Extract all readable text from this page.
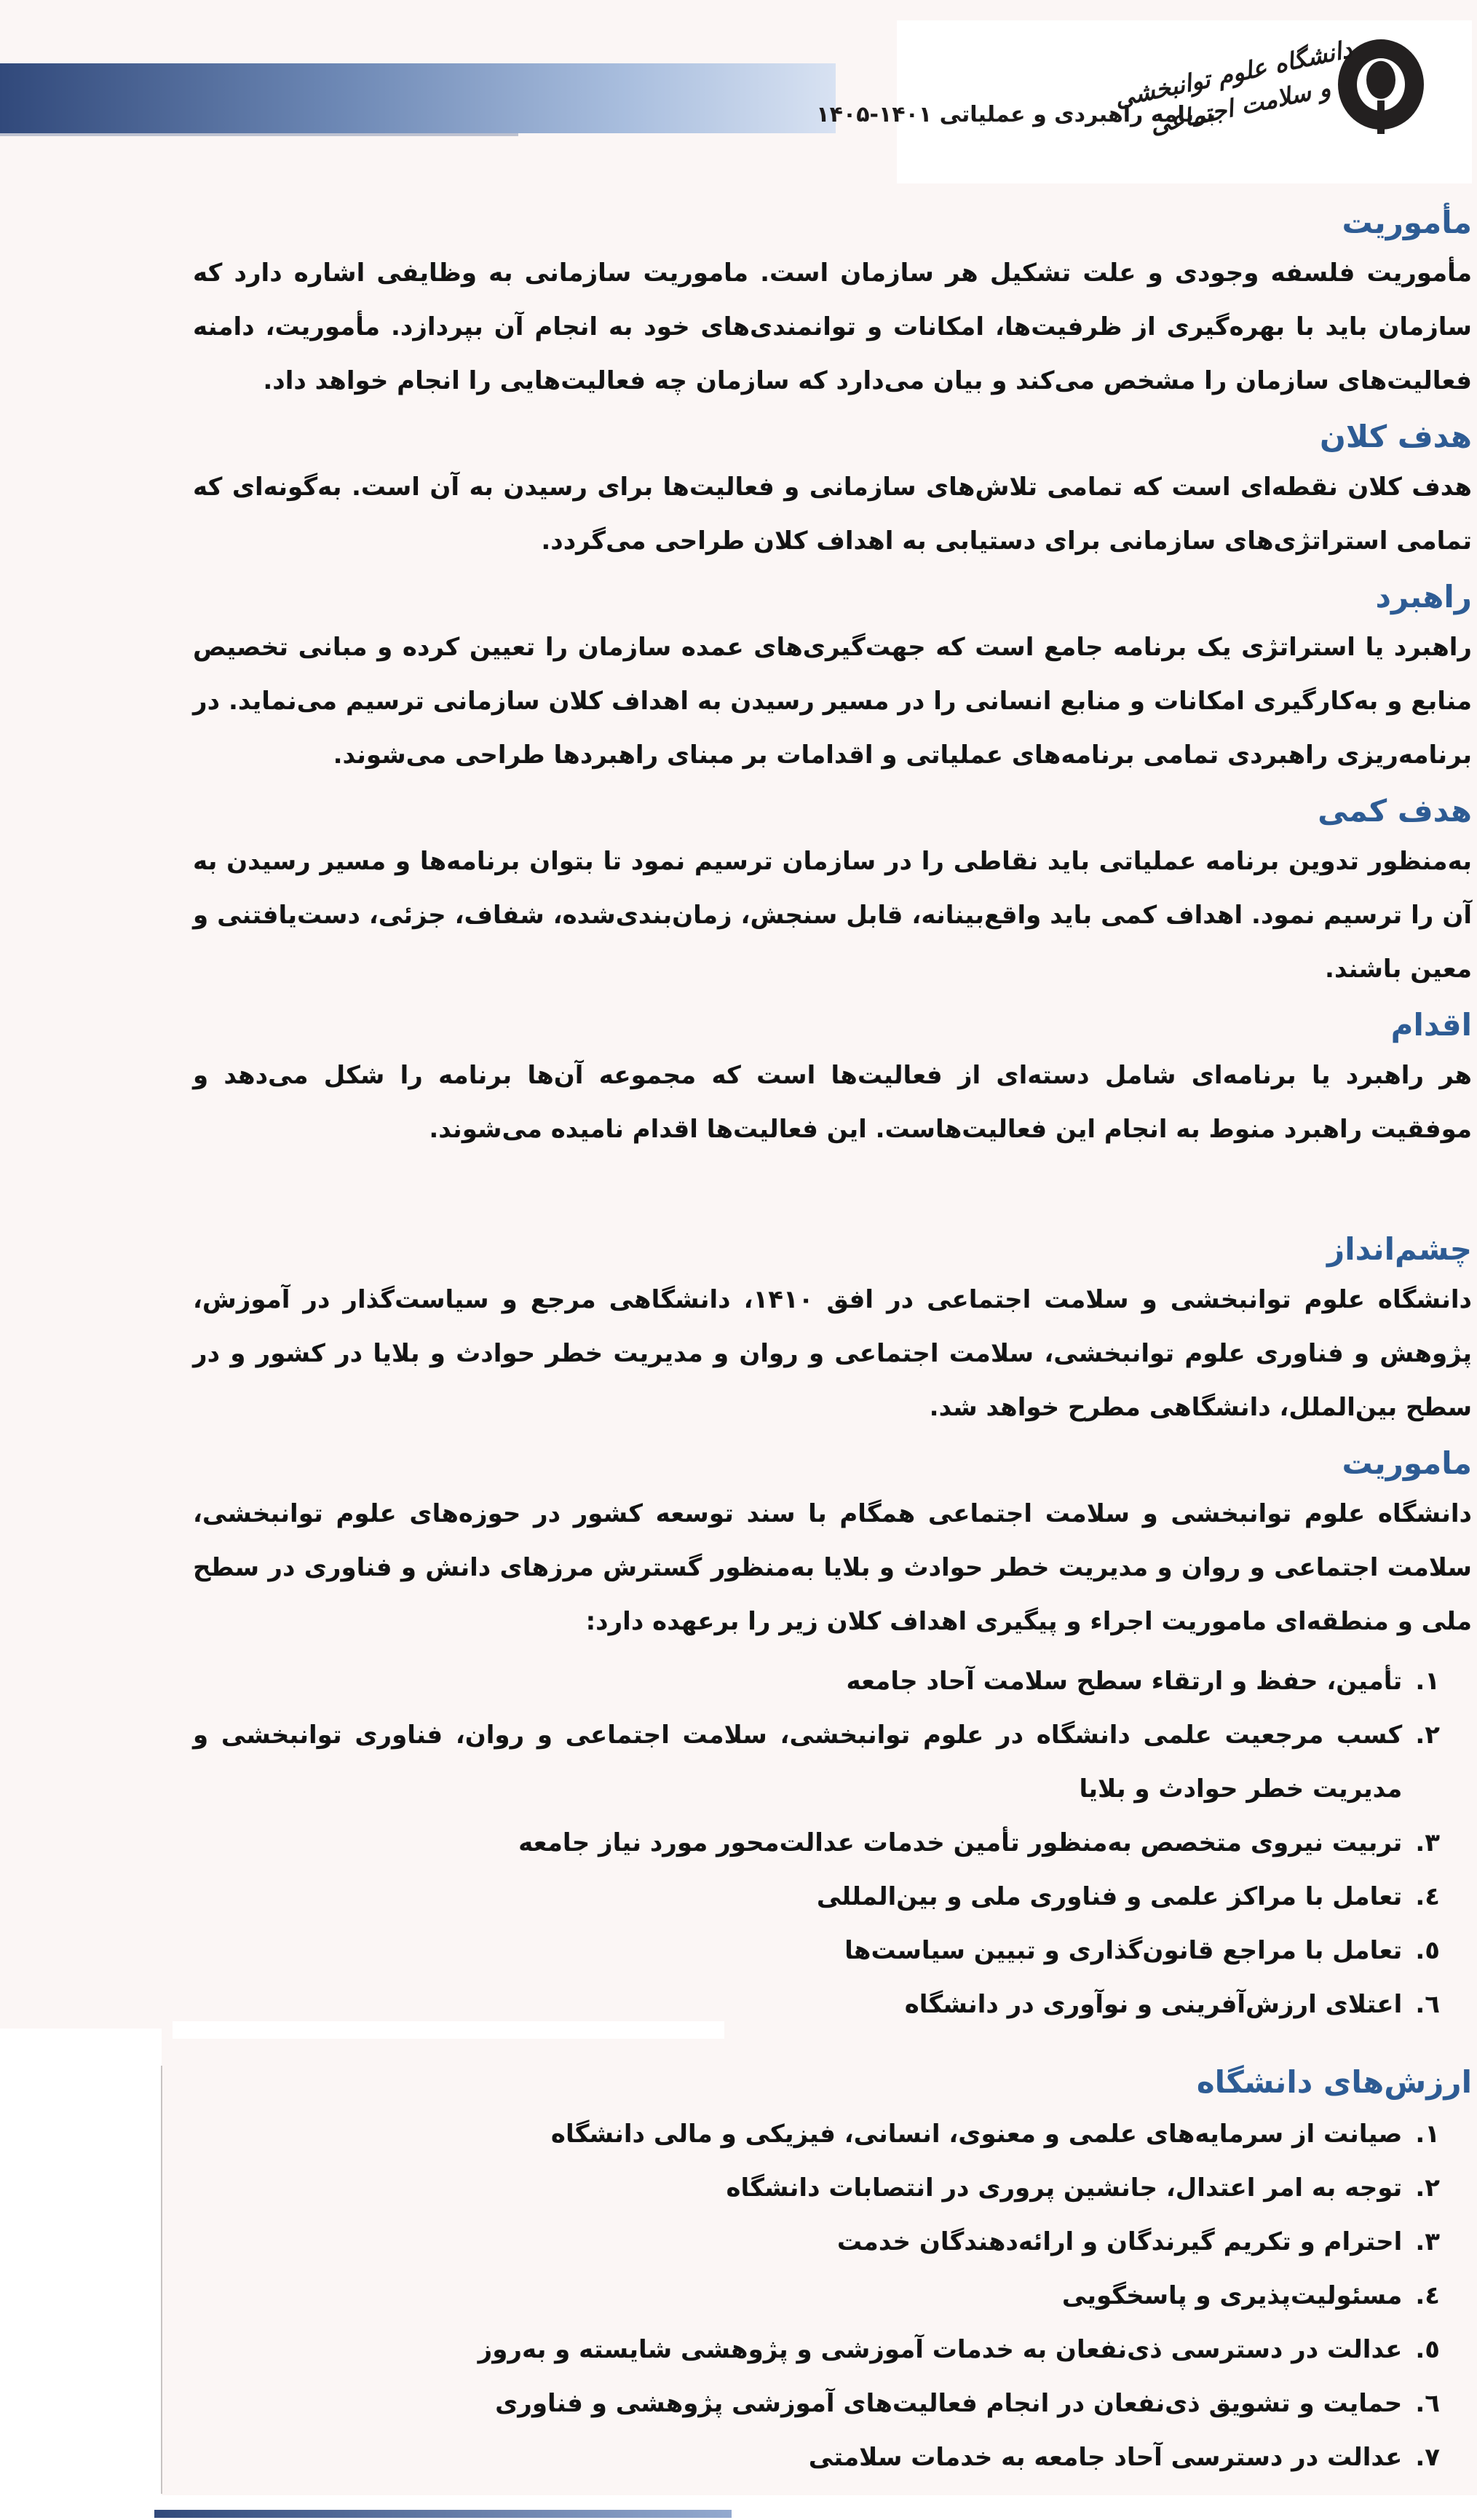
دانشگاه علوم توانبخشی و سلامت اجتماعی
برنامه راهبردی و عملیاتی ۱۴۰۱-۱۴۰۵
مأموریت

مأموریت فلسفه وجودی و علت تشکیل هر سازمان است. ماموریت سازمانی به وظایفی اشاره دارد که سازمان باید با بهره‌گیری از ظرفیت‌ها، امکانات و توانمندی‌های خود به انجام آن بپردازد. مأموریت، دامنه فعالیت‌های سازمان را مشخص می‌کند و بیان می‌دارد که سازمان چه فعالیت‌هایی را انجام خواهد داد.

هدف کلان

هدف کلان نقطه‌ای است که تمامی تلاش‌های سازمانی و فعالیت‌ها برای رسیدن به آن است. به‌گونه‌ای که تمامی استراتژی‌های سازمانی برای دستیابی به اهداف کلان طراحی می‌گردد.

راهبرد

راهبرد یا استراتژی یک برنامه جامع است که جهت‌گیری‌های عمده سازمان را تعیین کرده و مبانی تخصیص منابع و به‌کارگیری امکانات و منابع انسانی را در مسیر رسیدن به اهداف کلان سازمانی ترسیم می‌نماید. در برنامه‌ریزی راهبردی تمامی برنامه‌های عملیاتی و اقدامات بر مبنای راهبردها طراحی می‌شوند.

هدف کمی

به‌منظور تدوین برنامه عملیاتی باید نقاطی را در سازمان ترسیم نمود تا بتوان برنامه‌ها و مسیر رسیدن به آن را ترسیم نمود. اهداف کمی باید واقع‌بینانه، قابل سنجش، زمان‌بندی‌شده، شفاف، جزئی، دست‌یافتنی و معین باشند.

اقدام

هر راهبرد یا برنامه‌ای شامل دسته‌ای از فعالیت‌ها است که مجموعه آن‌ها برنامه را شکل می‌دهد و موفقیت راهبرد منوط به انجام این فعالیت‌هاست. این فعالیت‌ها اقدام نامیده می‌شوند.

چشم‌انداز

دانشگاه علوم توانبخشی و سلامت اجتماعی در افق ۱۴۱۰، دانشگاهی مرجع و سیاست‌گذار در آموزش، پژوهش و فناوری علوم توانبخشی، سلامت اجتماعی و روان و مدیریت خطر حوادث و بلایا در کشور و در سطح بین‌الملل، دانشگاهی مطرح خواهد شد.

ماموریت

دانشگاه علوم توانبخشی و سلامت اجتماعی همگام با سند توسعه کشور در حوزه‌های علوم توانبخشی، سلامت اجتماعی و روان و مدیریت خطر حوادث و بلایا به‌منظور گسترش مرزهای دانش و فناوری در سطح ملی و منطقه‌ای ماموریت اجراء و پیگیری اهداف کلان زیر را برعهده دارد:

۱.
تأمین، حفظ و ارتقاء سطح سلامت آحاد جامعه
۲.
کسب مرجعیت علمی دانشگاه در علوم توانبخشی، سلامت اجتماعی و روان، فناوری توانبخشی و مدیریت خطر حوادث و بلایا
۳.
تربیت نیروی متخصص به‌منظور تأمین خدمات عدالت‌محور مورد نیاز جامعه
٤.
تعامل با مراکز علمی و فناوری ملی و بین‌المللی
٥.
تعامل با مراجع قانون‌گذاری و تبیین سیاست‌ها
٦.
اعتلای ارزش‌آفرینی و نوآوری در دانشگاه
ارزش‌های دانشگاه
۱.
صیانت از سرمایه‌های علمی و معنوی، انسانی، فیزیکی و مالی دانشگاه
۲.
توجه به امر اعتدال، جانشین پروری در انتصابات دانشگاه
۳.
احترام و تکریم گیرندگان و ارائه‌دهندگان خدمت
٤.
مسئولیت‌پذیری و پاسخگویی
٥.
عدالت در دسترسی ذی‌نفعان به خدمات آموزشی و پژوهشی شایسته و به‌روز
٦.
حمایت و تشویق ذی‌نفعان در انجام فعالیت‌های آموزشی پژوهشی و فناوری
۷.
عدالت در دسترسی آحاد جامعه به خدمات سلامتی
